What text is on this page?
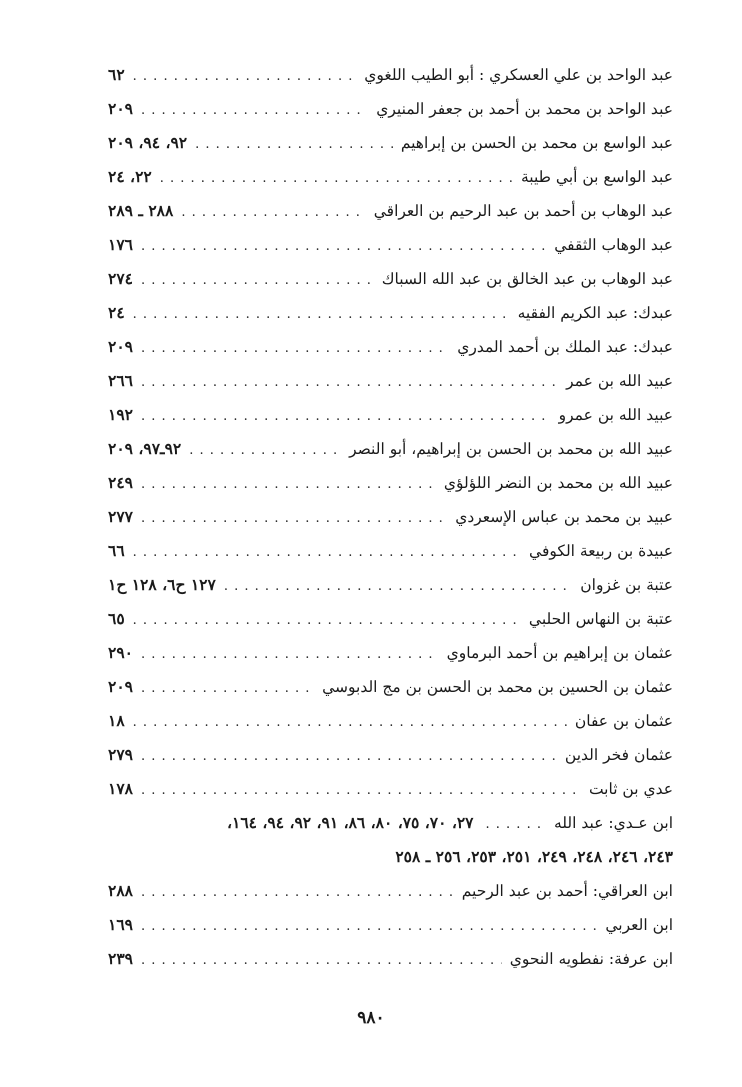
عبد الواحد بن علي العسكري : أبو الطيب اللغوي
. . .
٦٢
عبد الواحد بن محمد بن أحمد بن جعفر المنيري
. . .
٢٠٩
عبد الواسع بن محمد بن الحسن بن إبراهيم
. . .
٩٢، ٩٤، ٢٠٩
عبد الواسع بن أبي طيبة
. . .
٢٢، ٢٤
عبد الوهاب بن أحمد بن عبد الرحيم بن العراقي
. . .
٢٨٨ ـ ٢٨٩
عبد الوهاب الثقفي
. . .
١٧٦
عبد الوهاب بن عبد الخالق بن عبد الله السباك
. . .
٢٧٤
عبدك: عبد الكريم الفقيه
. . .
٢٤
عبدك: عبد الملك بن أحمد المدري
. . .
٢٠٩
عبيد الله بن عمر
. . .
٢٦٦
عبيد الله بن عمرو
. . .
١٩٢
عبيد الله بن محمد بن الحسن بن إبراهيم، أبو النصر
. . .
٩٢ـ٩٧، ٢٠٩
عبيد الله بن محمد بن النضر اللؤلؤي
. . .
٢٤٩
عبيد بن محمد بن عباس الإسعردي
. . .
٢٧٧
عبيدة بن ربيعة الكوفي
. . .
٦٦
عتبة بن غزوان
. . .
١٢٧ ح٦، ١٢٨ ح١
عتبة بن النهاس الحلبي
. . .
٦٥
عثمان بن إبراهيم بن أحمد البرماوي
. . .
٢٩٠
عثمان بن الحسين بن محمد بن الحسن بن مج الدبوسي
. . .
٢٠٩
عثمان بن عفان
. . .
١٨
عثمان فخر الدين
. . .
٢٧٩
عدي بن ثابت
. . .
١٧٨
ابن عـدي: عبد الله
. . . . . .
٢٧، ٧٠، ٧٥، ٨٠، ٨٦، ٩١، ٩٢، ٩٤، ١٦٤،
٢٤٣، ٢٤٦، ٢٤٨، ٢٤٩، ٢٥١، ٢٥٣، ٢٥٦ ـ ٢٥٨
ابن العراقي: أحمد بن عبد الرحيم
. . .
٢٨٨
ابن العربي
. . .
١٦٩
ابن عرفة: نفطويه النحوي
. . .
٢٣٩
٩٨٠
